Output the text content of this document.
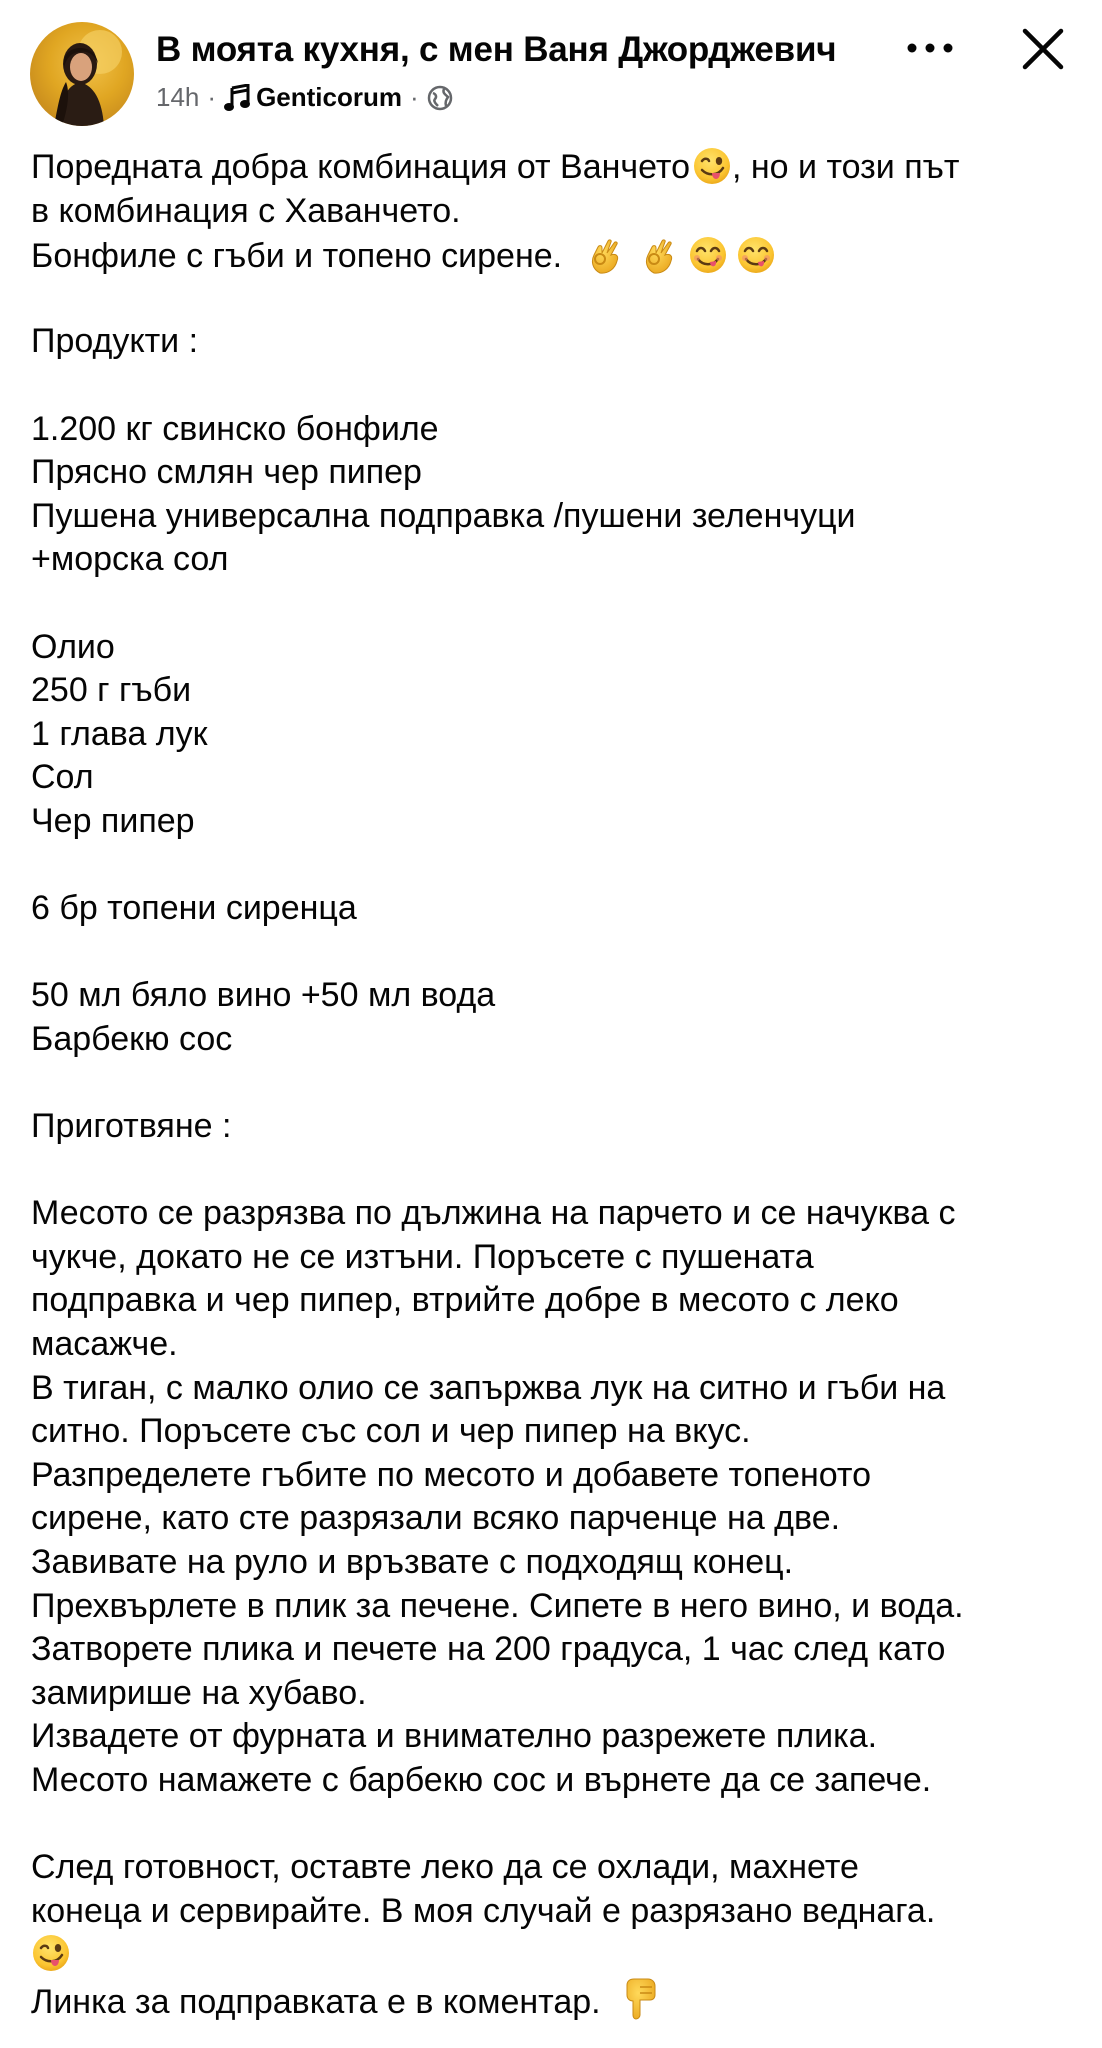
В моята кухня, с мен Ваня Джорджевич
14h · Genticorum ·
Поредната добра комбинация от Ванчето , но и този път
в комбинация с Хаванчето.
Бонфиле с гъби и топено сирене.
Продукти :
1.200 кг свинско бонфиле
Прясно смлян чер пипер
Пушена универсална подправка /пушени зеленчуци
+морска сол
Олио
250 г гъби
1 глава лук
Сол
Чер пипер
6 бр топени сиренца
50 мл бяло вино +50 мл вода
Барбекю сос
Приготвяне :
Месото се разрязва по дължина на парчето и се начуква с
чукче, докато не се изтъни. Поръсете с пушената
подправка и чер пипер, втрийте добре в месото с леко
масажче.
В тиган, с малко олио се запържва лук на ситно и гъби на
ситно. Поръсете със сол и чер пипер на вкус.
Разпределете гъбите по месото и добавете топеното
сирене, като сте разрязали всяко парченце на две.
Завивате на руло и връзвате с подходящ конец.
Прехвърлете в плик за печене. Сипете в него вино, и вода.
Затворете плика и печете на 200 градуса, 1 час след като
замирише на хубаво.
Извадете от фурната и внимателно разрежете плика.
Месото намажете с барбекю сос и върнете да се запече.
След готовност, оставте леко да се охлади, махнете
конеца и сервирайте. В моя случай е разрязано веднага.
Линка за подправката е в коментар.
